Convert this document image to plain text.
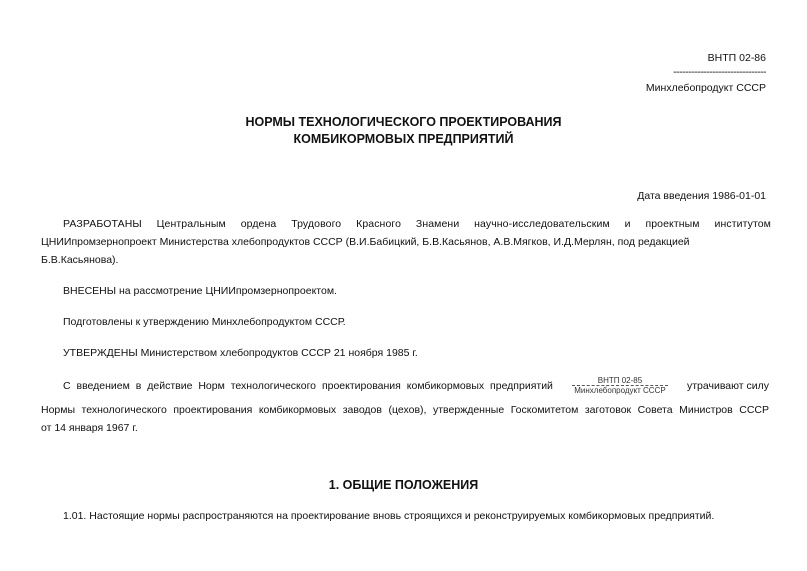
ВНТП 02-86
-------------------------------
Минхлебопродукт СССР
НОРМЫ ТЕХНОЛОГИЧЕСКОГО ПРОЕКТИРОВАНИЯ
КОМБИКОРМОВЫХ ПРЕДПРИЯТИЙ
Дата введения 1986-01-01
РАЗРАБОТАНЫ Центральным ордена Трудового Красного Знамени научно-исследовательским и проектным институтом
ЦНИИпромзернопроект Министерства хлебопродуктов СССР (В.И.Бабицкий, Б.В.Касьянов, А.В.Мягков, И.Д.Мерлян, под редакцией
Б.В.Касьянова).
ВНЕСЕНЫ на рассмотрение ЦНИИпромзернопроектом.
Подготовлены к утверждению Минхлебопродуктом СССР.
УТВЕРЖДЕНЫ Министерством хлебопродуктов СССР 21 ноября 1985 г.
С введением в действие Норм технологического проектирования комбикормовых предприятий	ВНТП 02-85
Минхлебопродукт СССР утрачивают силу
Нормы технологического проектирования комбикормовых заводов (цехов), утвержденные Госкомитетом заготовок Совета Министров СССР
от 14 января 1967 г.
1. ОБЩИЕ ПОЛОЖЕНИЯ
1.01. Настоящие нормы распространяются на проектирование вновь строящихся и реконструируемых комбикормовых предприятий.
